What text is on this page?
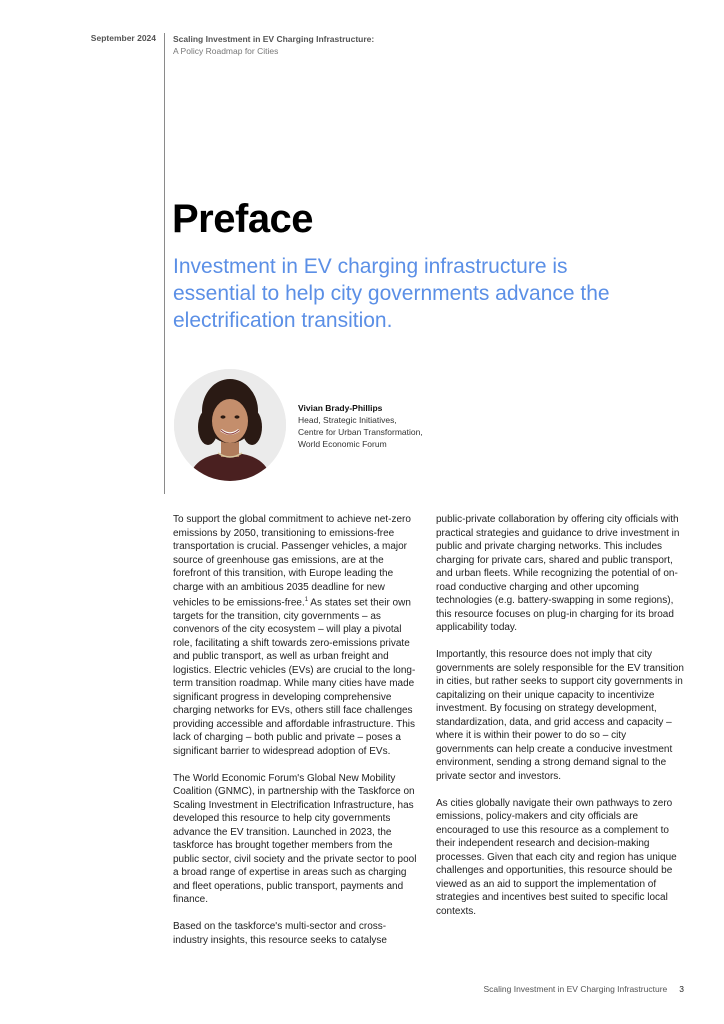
September 2024 Scaling Investment in EV Charging Infrastructure:
A Policy Roadmap for Cities
Preface
Investment in EV charging infrastructure is essential to help city governments advance the electrification transition.
Vivian Brady-Phillips
Head, Strategic Initiatives,
Centre for Urban Transformation,
World Economic Forum

To support the global commitment to achieve net-zero emissions by 2050, transitioning to emissions-free transportation is crucial. Passenger vehicles, a major source of greenhouse gas emissions, are at the forefront of this transition, with Europe leading the charge with an ambitious 2035 deadline for new vehicles to be emissions-free.$^1$ As states set their own targets for the transition, city governments – as convenors of the city ecosystem – will play a pivotal role, facilitating a shift towards zero-emissions private and public transport, as well as urban freight and logistics. Electric vehicles (EVs) are crucial to the long-term transition roadmap. While many cities have made significant progress in developing comprehensive charging networks for EVs, others still face challenges providing accessible and affordable infrastructure. This lack of charging – both public and private – poses a significant barrier to widespread adoption of EVs.

The World Economic Forum's Global New Mobility Coalition (GNMC), in partnership with the Taskforce on Scaling Investment in Electrification Infrastructure, has developed this resource to help city governments advance the EV transition. Launched in 2023, the taskforce has brought together members from the public sector, civil society and the private sector to pool a broad range of expertise in areas such as charging and fleet operations, public transport, payments and finance.

Based on the taskforce's multi-sector and cross-industry insights, this resource seeks to catalyse

public-private collaboration by offering city officials with practical strategies and guidance to drive investment in public and private charging networks. This includes charging for private cars, shared and public transport, and urban fleets. While recognizing the potential of on-road conductive charging and other upcoming technologies (e.g. battery-swapping in some regions), this resource focuses on plug-in charging for its broad applicability today.

Importantly, this resource does not imply that city governments are solely responsible for the EV transition in cities, but rather seeks to support city governments in capitalizing on their unique capacity to incentivize investment. By focusing on strategy development, standardization, data, and grid access and capacity – where it is within their power to do so – city governments can help create a conducive investment environment, sending a strong demand signal to the private sector and investors.

As cities globally navigate their own pathways to zero emissions, policy-makers and city officials are encouraged to use this resource as a complement to their independent research and decision-making processes. Given that each city and region has unique challenges and opportunities, this resource should be viewed as an aid to support the implementation of strategies and incentives best suited to specific local contexts.

Scaling Investment in EV Charging Infrastructure 3
